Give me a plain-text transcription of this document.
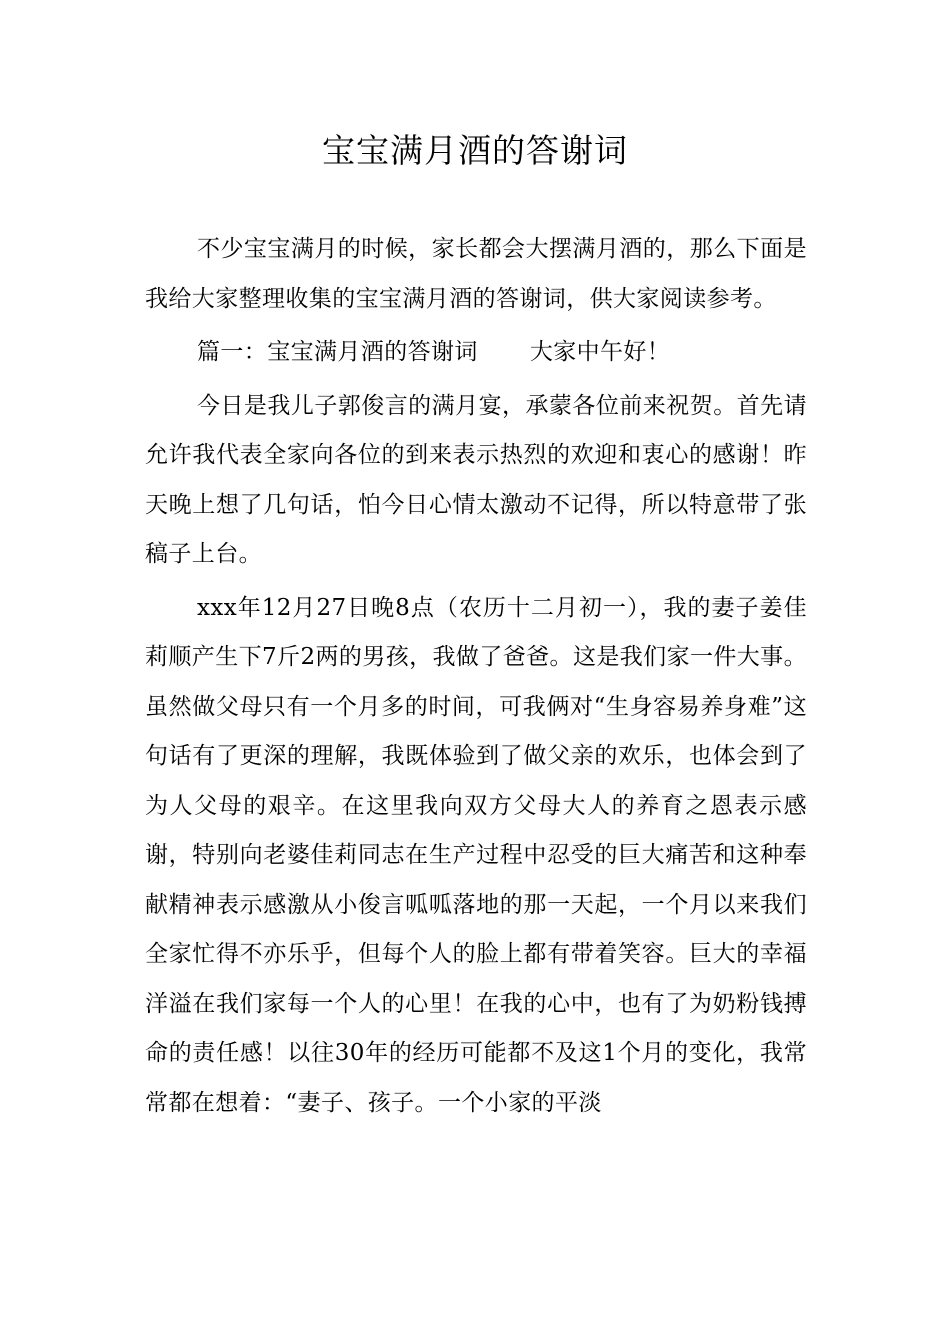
宝宝满月酒的答谢词

不少宝宝满月的时候，家长都会大摆满月酒的，那么下面是我给大家整理收集的宝宝满月酒的答谢词，供大家阅读参考。

篇一：宝宝满月酒的答谢词 大家中午好！

今日是我儿子郭俊言的满月宴，承蒙各位前来祝贺。首先请允许我代表全家向各位的到来表示热烈的欢迎和衷心的感谢！昨天晚上想了几句话，怕今日心情太激动不记得，所以特意带了张稿子上台。

xxx年12月27日晚8点（农历十二月初一），我的妻子姜佳莉顺产生下7斤2两的男孩，我做了爸爸。这是我们家一件大事。虽然做父母只有一个月多的时间，可我俩对“生身容易养身难”这句话有了更深的理解，我既体验到了做父亲的欢乐，也体会到了为人父母的艰辛。在这里我向双方父母大人的养育之恩表示感谢，特别向老婆佳莉同志在生产过程中忍受的巨大痛苦和这种奉献精神表示感激从小俊言呱呱落地的那一天起，一个月以来我们全家忙得不亦乐乎，但每个人的脸上都有带着笑容。巨大的幸福洋溢在我们家每一个人的心里！在我的心中，也有了为奶粉钱搏命的责任感！以往30年的经历可能都不及这1个月的变化，我常常都在想着：“妻子、孩子。一个小家的平淡
